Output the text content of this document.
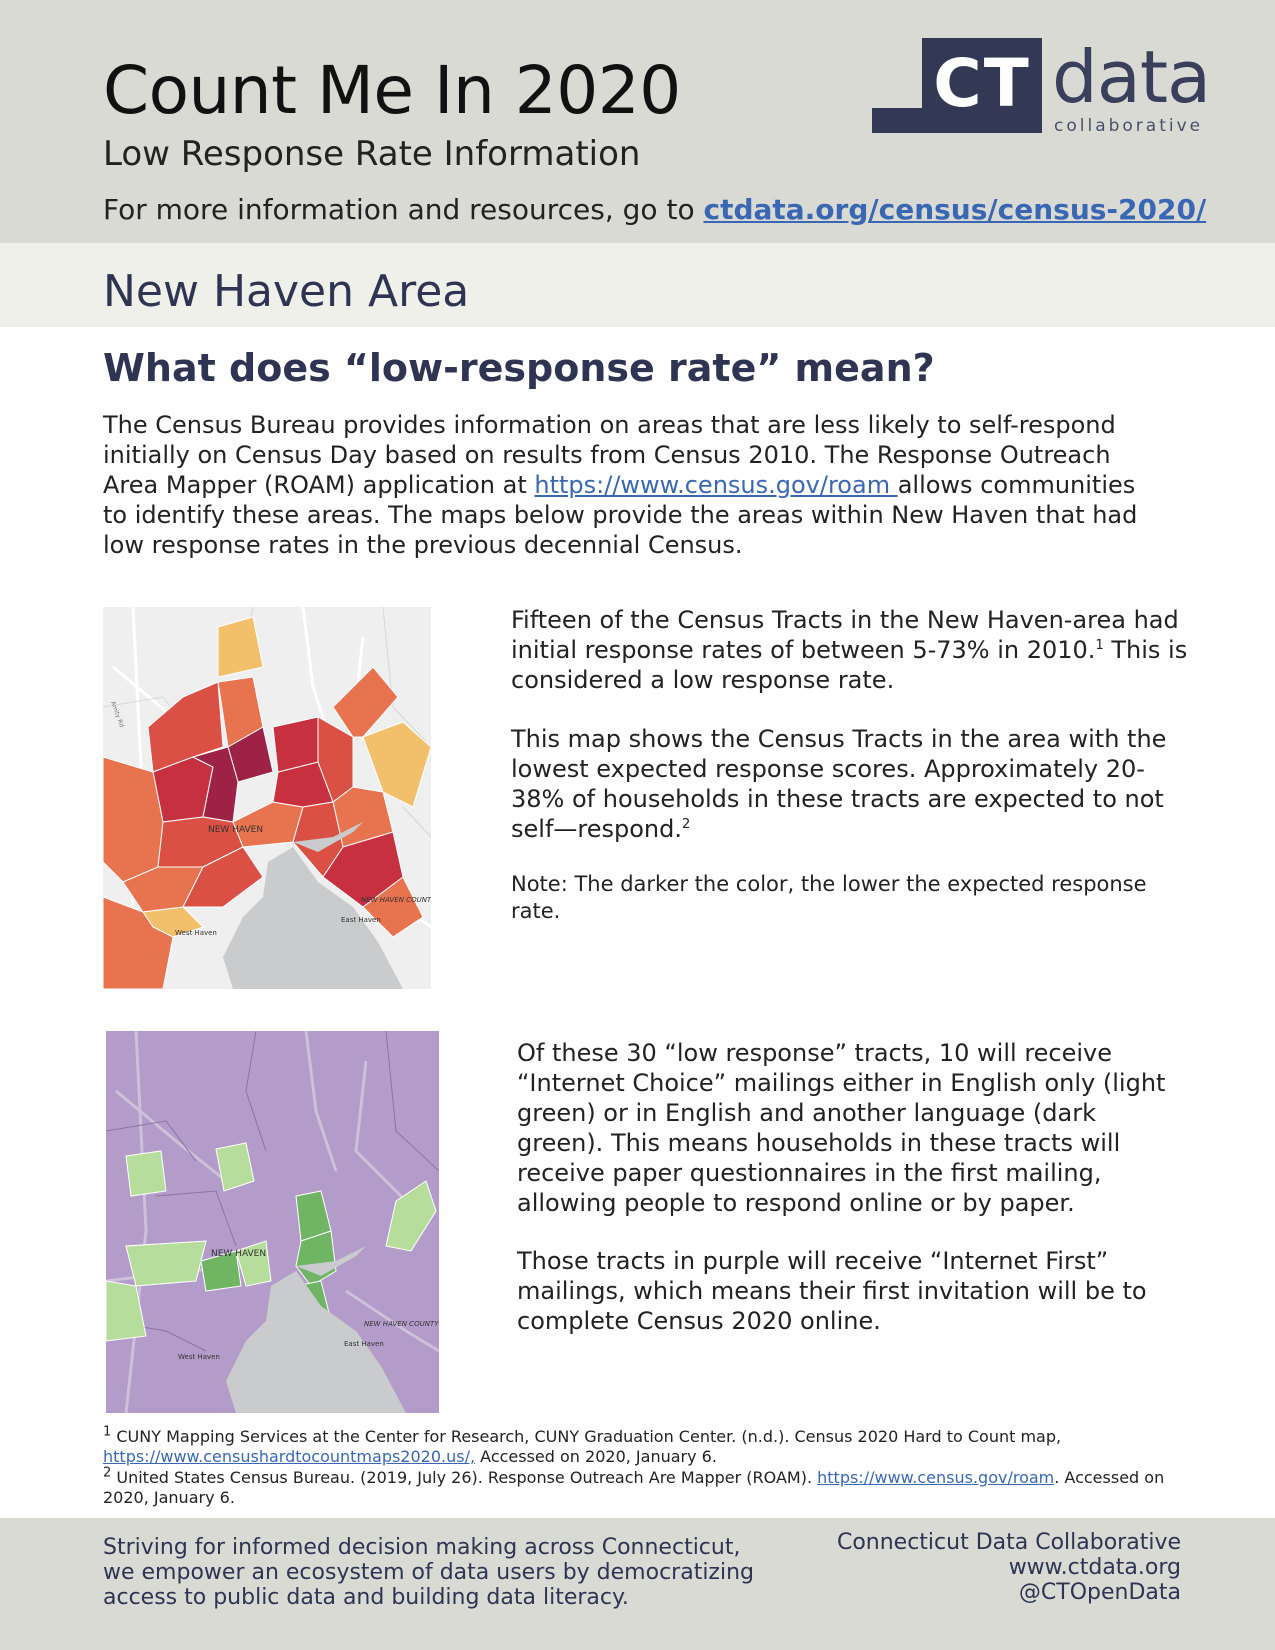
Count Me In 2020
Low Response Rate Information
For more information and resources, go to ctdata.org/census/census-2020/
CT data
collaborative
New Haven Area
What does “low-response rate” mean?

The Census Bureau provides information on areas that are less likely to self-respond initially on Census Day based on results from Census 2010. The Response Outreach Area Mapper (ROAM) application at https://www.census.gov/roam allows communities to identify these areas. The maps below provide the areas within New Haven that had low response rates in the previous decennial Census.

NEW HAVEN
NEW HAVEN COUNT
East Haven
West Haven
Amity Rd

Fifteen of the Census Tracts in the New Haven-area had initial response rates of between 5-73% in 2010.$^1$ This is considered a low response rate.

This map shows the Census Tracts in the area with the lowest expected response scores. Approximately 20-38% of households in these tracts are expected to not self—respond.$^2$

Note: The darker the color, the lower the expected response rate.

NEW HAVEN
NEW HAVEN COUNTY
East Haven
West Haven

Of these 30 “low response” tracts, 10 will receive “Internet Choice” mailings either in English only (light green) or in English and another language (dark green). This means households in these tracts will receive paper questionnaires in the first mailing, allowing people to respond online or by paper.

Those tracts in purple will receive “Internet First” mailings, which means their first invitation will be to complete Census 2020 online.

$^1$ CUNY Mapping Services at the Center for Research, CUNY Graduation Center. (n.d.). Census 2020 Hard to Count map, https://www.censushardtocountmaps2020.us/, Accessed on 2020, January 6.

$^2$ United States Census Bureau. (2019, July 26). Response Outreach Are Mapper (ROAM). https://www.census.gov/roam. Accessed on 2020, January 6.

Striving for informed decision making across Connecticut, we empower an ecosystem of data users by democratizing access to public data and building data literacy.

Connecticut Data Collaborative
www.ctdata.org
@CTOpenData
